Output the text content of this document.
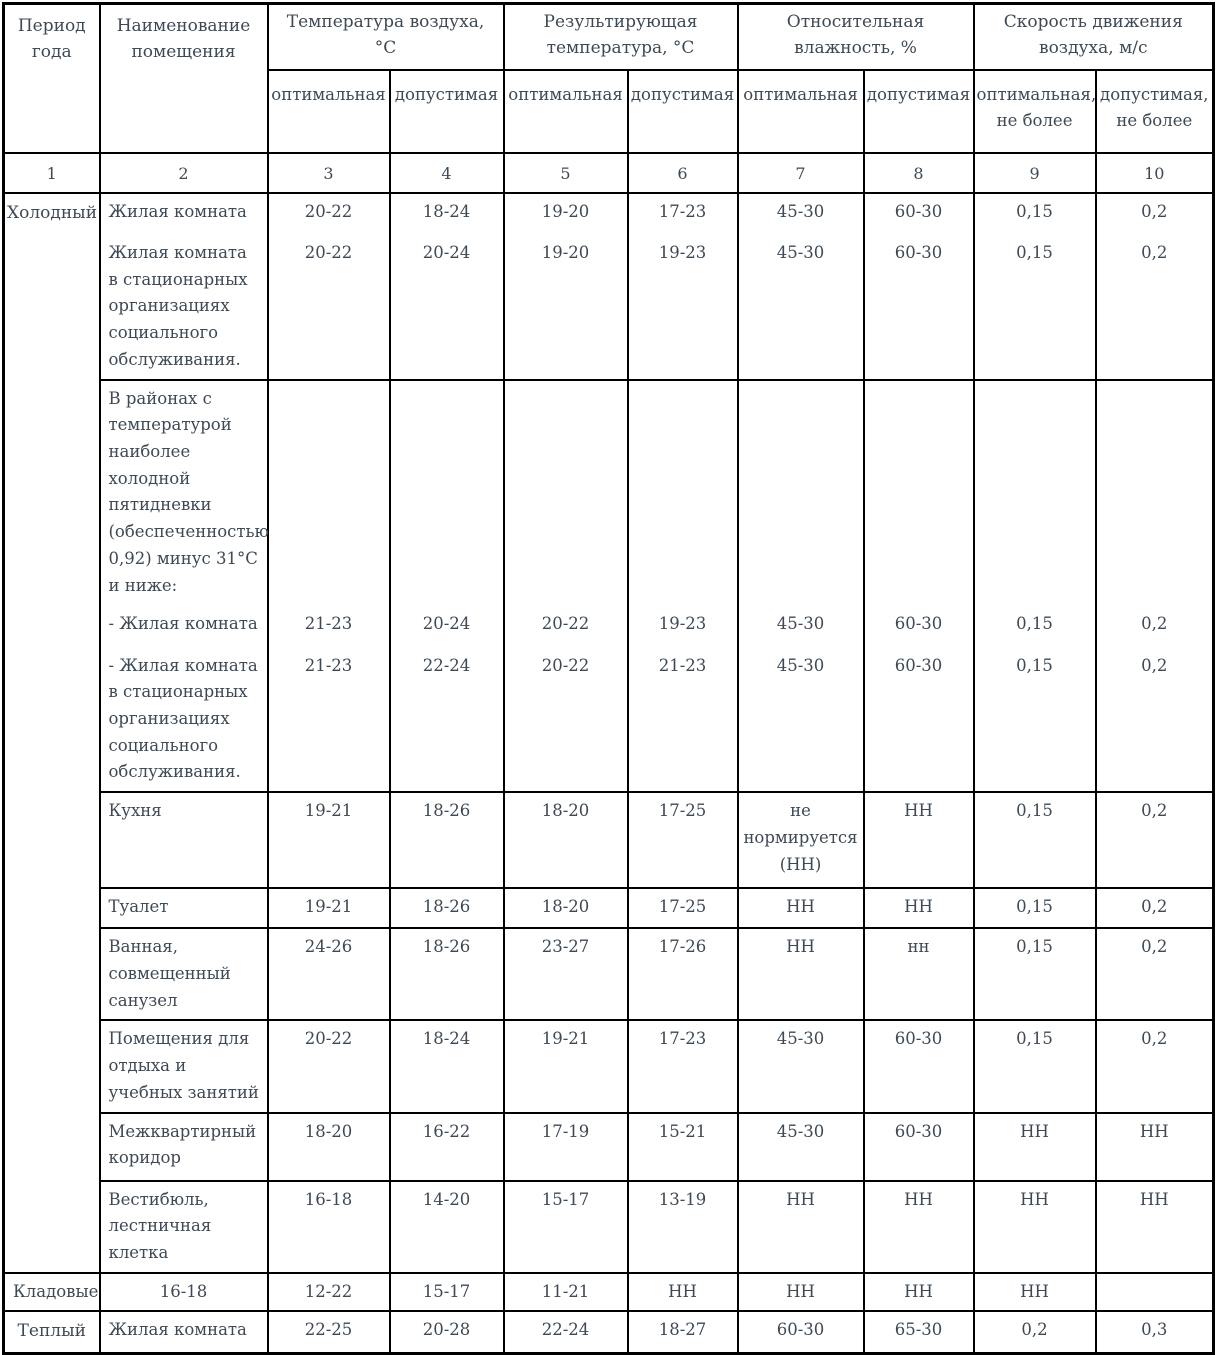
Период года	Наименование помещения	Температура воздуха, °С		Результирующая температура, °С		Относительная влажность, %		Скорость движения воздуха, м/с	
		оптимальная	допустимая	оптимальная	допустимая	оптимальная	допустимая	оптимальная, не более	допустимая, не более
1	2	3	4	5	6	7	8	9	10
Холодный	Жилая комната	20-22	18-24	19-20	17-23	45-30	60-30	0,15	0,2
	Жилая комната в стационарных организациях социального обслуживания.	20-22	20-24	19-20	19-23	45-30	60-30	0,15	0,2
	В районах с температурой наиболее холодной пятидневки (обеспеченностью 0,92) минус 31°С и ниже:								
	- Жилая комната	21-23	20-24	20-22	19-23	45-30	60-30	0,15	0,2
	- Жилая комната в стационарных организациях социального обслуживания.	21-23	22-24	20-22	21-23	45-30	60-30	0,15	0,2
	Кухня	19-21	18-26	18-20	17-25	не нормируется (НН)	НН	0,15	0,2
	Туалет	19-21	18-26	18-20	17-25	НН	НН	0,15	0,2
	Ванная, совмещенный санузел	24-26	18-26	23-27	17-26	НН	нн	0,15	0,2
	Помещения для отдыха и учебных занятий	20-22	18-24	19-21	17-23	45-30	60-30	0,15	0,2
	Межквартирный коридор	18-20	16-22	17-19	15-21	45-30	60-30	НН	НН
	Вестибюль, лестничная клетка	16-18	14-20	15-17	13-19	НН	НН	НН	НН
Кладовые	16-18	12-22	15-17	11-21	НН	НН	НН	НН	
Теплый	Жилая комната	22-25	20-28	22-24	18-27	60-30	65-30	0,2	0,3
